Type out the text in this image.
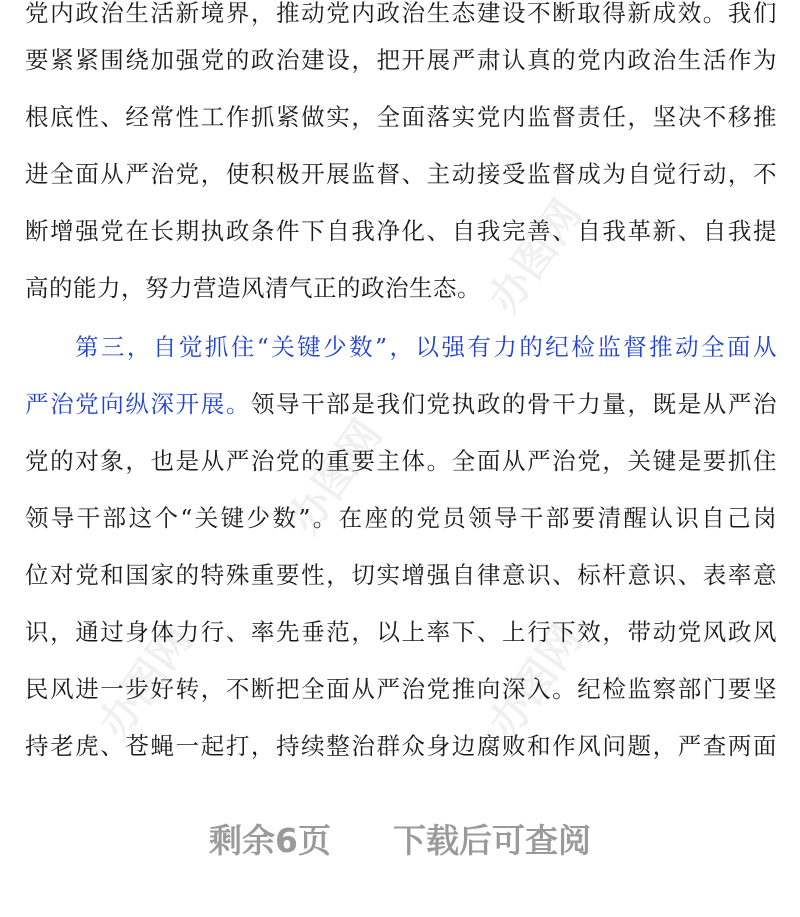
办图网
办图网
办图网	办图网
党内政治生活新境界，推动党内政治生态建设不断取得新成效。我们
要紧紧围绕加强党的政治建设，把开展严肃认真的党内政治生活作为
根底性、经常性工作抓紧做实，全面落实党内监督责任，坚决不移推
进全面从严治党，使积极开展监督、主动接受监督成为自觉行动，不
断增强党在长期执政条件下自我净化、自我完善、自我革新、自我提
高的能力，努力营造风清气正的政治生态。
第三，自觉抓住“关键少数”，以强有力的纪检监督推动全面从
严治党向纵深开展。领导干部是我们党执政的骨干力量，既是从严治
党的对象，也是从严治党的重要主体。全面从严治党，关键是要抓住
领导干部这个“关键少数”。在座的党员领导干部要清醒认识自己岗
位对党和国家的特殊重要性，切实增强自律意识、标杆意识、表率意
识，通过身体力行、率先垂范，以上率下、上行下效，带动党风政风
民风进一步好转，不断把全面从严治党推向深入。纪检监察部门要坚
持老虎、苍蝇一起打，持续整治群众身边腐败和作风问题，严查两面
剩余6页 下载后可查阅
